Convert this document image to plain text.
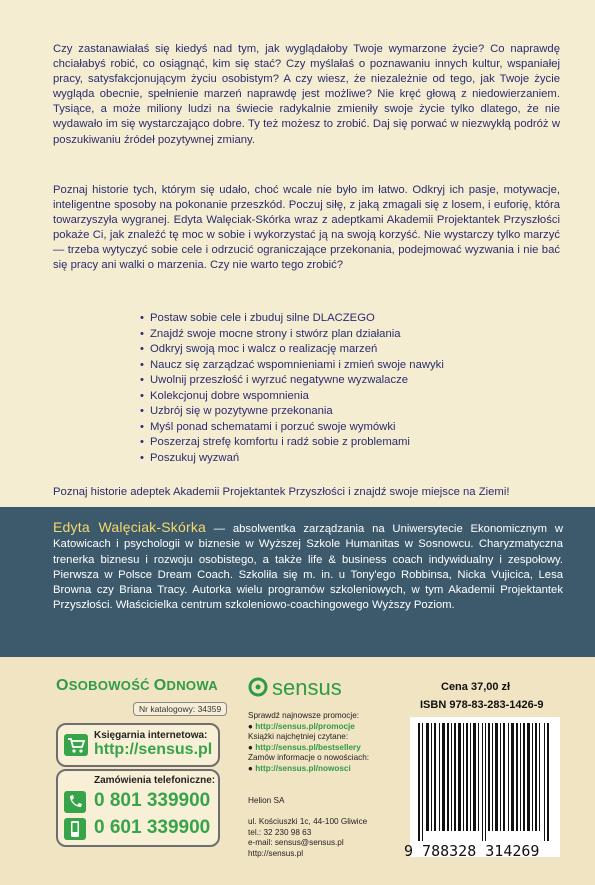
Czy zastanawiałaś się kiedyś nad tym, jak wyglądałoby Twoje wymarzone życie? Co naprawdę chciałabyś robić, co osiągnąć, kim się stać? Czy myślałaś o poznawaniu innych kultur, wspaniałej pracy, satysfakcjonującym życiu osobistym? A czy wiesz, że niezależnie od tego, jak Twoje życie wygląda obecnie, spełnienie marzeń naprawdę jest możliwe? Nie kręć głową z niedowierzaniem. Tysiące, a może miliony ludzi na świecie radykalnie zmieniły swoje życie tylko dlatego, że nie wydawało im się wystarczająco dobre. Ty też możesz to zrobić. Daj się porwać w niezwykłą podróż w poszukiwaniu źródeł pozytywnej zmiany.

Poznaj historie tych, którym się udało, choć wcale nie było im łatwo. Odkryj ich pasje, motywacje, inteligentne sposoby na pokonanie przeszkód. Poczuj siłę, z jaką zmagali się z losem, i euforię, która towarzyszyła wygranej. Edyta Walęciak-Skórka wraz z adeptkami Akademii Projektantek Przyszłości pokaże Ci, jak znaleźć tę moc w sobie i wykorzystać ją na swoją korzyść. Nie wystarczy tylko marzyć — trzeba wytyczyć sobie cele i odrzucić ograniczające przekonania, podejmować wyzwania i nie bać się pracy ani walki o marzenia. Czy nie warto tego zrobić?

• Postaw sobie cele i zbuduj silne DLACZEGO
• Znajdź swoje mocne strony i stwórz plan działania
• Odkryj swoją moc i walcz o realizację marzeń
• Naucz się zarządzać wspomnieniami i zmień swoje nawyki
• Uwolnij przeszłość i wyrzuć negatywne wyzwalacze
• Kolekcjonuj dobre wspomnienia
• Uzbrój się w pozytywne przekonania
• Myśl ponad schematami i porzuć swoje wymówki
• Poszerzaj strefę komfortu i radź sobie z problemami
• Poszukuj wyzwań

Poznaj historie adeptek Akademii Projektantek Przyszłości i znajdź swoje miejsce na Ziemi!

Edyta Walęciak-Skórka — absolwentka zarządzania na Uniwersytecie Ekonomicznym w Katowicach i psychologii w biznesie w Wyższej Szkole Humanitas w Sosnowcu. Charyzmatyczna trenerka biznesu i rozwoju osobistego, a także life & business coach indywidualny i zespołowy. Pierwsza w Polsce Dream Coach. Szkoliła się m. in. u Tony'ego Robbinsa, Nicka Vujicica, Lesa Browna czy Briana Tracy. Autorka wielu programów szkoleniowych, w tym Akademii Projektantek Przyszłości. Właścicielka centrum szkoleniowo-coachingowego Wyższy Poziom.

OSOBOWOŚĆ ODNOWA
Nr katalogowy: 34359
Księgarnia internetowa:
http://sensus.pl
Zamówienia telefoniczne:
0 801 339900
0 601 339900
sensus

Sprawdź najnowsze promocje:
● http://sensus.pl/promocje
Książki najchętniej czytane:
● http://sensus.pl/bestsellery
Zamów informacje o nowościach:
● http://sensus.pl/nowosci

Helion SA

ul. Kościuszki 1c, 44-100 Gliwice
tel.: 32 230 98 63
e-mail: sensus@sensus.pl
http://sensus.pl

Cena 37,00 zł
ISBN 978-83-283-1426-9
9 788328 314269
